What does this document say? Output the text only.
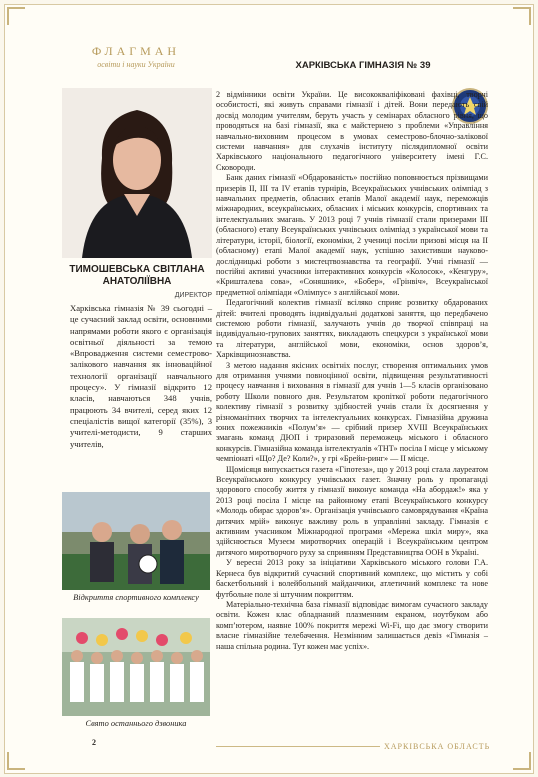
ФЛАГМАН
освіти і науки України
ТИМОШЕВСЬКА СВІТЛАНА АНАТОЛІЇВНА
ДИРЕКТОР
Харківська гімназія № 39 сьогодні – це сучасний заклад освіти, основними напрямами роботи якого є організація освітньої діяльності за темою «Впровадження системи семестрово-залікового навчання як інноваційної технології організації навчального процесу». У гімназії відкрито 12 класів, навчаються 348 учнів, працюють 34 вчителі, серед яких 12 спеціалістів вищої категорії (35%), 3 учителі-методисти, 9 старших учителів,
Відкриття спортивного комплексу
Свято останнього дзвоника
2
ХАРКІВСЬКА ГІМНАЗІЯ № 39

2 відмінники освіти України. Це висококваліфіковані фахівці, творчі особистості, які живуть справами гімназії і дітей. Вони передають свій досвід молодим учителям, беруть участь у семінарах обласного рівня, що проводяться на базі гімназії, яка є майстернею з проблеми «Управління навчально-виховним процесом в умовах семестрово-блочно-залікової системи навчання» для слухачів інституту післядипломної освіти Харківського національного педагогічного університету імені Г.С. Сковороди.

Банк даних гімназії «Обдарованість» постійно поповнюється прізвищами призерів ІІ, ІІІ та IV етапів турнірів, Всеукраїнських учнівських олімпіад з навчальних предметів, обласних етапів Малої академії наук, переможців міжнародних, всеукраїнських, обласних і міських конкурсів, спортивних та інтелектуальних змагань. У 2013 році 7 учнів гімназії стали призерами ІІІ (обласного) етапу Всеукраїнських учнівських олімпіад з української мови та літератури, історії, біології, економіки, 2 учениці посіли призові місця на ІІ (обласному) етапі Малої академії наук, успішно захистивши науково-дослідницькі роботи з мистецтвознавства та географії. Учні гімназії — постійні активні учасники інтерактивних конкурсів «Колосок», «Кенгуру», «Кришталева сова», «Соняшник», «Бобер», «Грінвіч», Всеукраїнської предметної олімпіади «Олімпус» з англійської мови.

Педагогічний колектив гімназії всіляко сприяє розвитку обдарованих дітей: вчителі проводять індивідуальні додаткові заняття, що передбачено системою роботи гімназії, залучають учнів до творчої співпраці на індивідуально-групових заняттях, викладають спецкурси з української мови та літератури, англійської мови, економіки, основ здоров’я, Харківщинознавства.

З метою надання якісних освітніх послуг, створення оптимальних умов для отримання учнями повноцінної освіти, підвищення результативності процесу навчання і виховання в гімназії для учнів 1—5 класів організовано роботу Школи повного дня. Результатом кропіткої роботи педагогічного колективу гімназії з розвитку здібностей учнів стали їх досягнення у різноманітних творчих та інтелектуальних конкурсах. Гімназійна дружина юних пожежників «Полум’я» — срібний призер XVIII Всеукраїнських змагань команд ДЮП і триразовий переможець міського і обласного конкурсів. Гімназійна команда інтелектуалів «ТНТ» посіла І місце у міському чемпіонаті «Що? Де? Коли?», у грі «Брейн-ринг» — ІІ місце.

Щомісяця випускається газета «Гіпотеза», що у 2013 році стала лауреатом Всеукраїнського конкурсу учнівських газет. Значну роль у пропаганді здорового способу життя у гімназії виконує команда «На абордаж!» яка у 2013 році посіла І місце на районному етапі Всеукраїнського конкурсу «Молодь обирає здоров’я». Організація учнівського самоврядування «Країна дитячих мрій» виконує важливу роль в управлінні закладу. Гімназія є активним учасником Міжнародної програми «Мережа шкіл миру», яка здійснюється Музеєм миротворчих операцій і Всеукраїнським центром дитячого миротворчого руху за сприянням Представництва ООН в Україні.

У вересні 2013 року за ініціативи Харківського міського голови Г.А. Кернеса був відкритий сучасний спортивний комплекс, що містить у собі баскетбольний і волейбольний майданчики, атлетичний комплекс та нове футбольне поле зі штучним покриттям.

Матеріально-технічна база гімназії відповідає вимогам сучасного закладу освіти. Кожен клас обладнаний плазменним екраном, ноутбуком або комп’ютером, наявне 100% покриття мережі Wi-Fi, що дає змогу створити власне гімназійне телебачення. Незмінним залишається девіз «Гімназія – наша спільна родина. Тут кожен має успіх».

ХАРКІВСЬКА ОБЛАСТЬ
